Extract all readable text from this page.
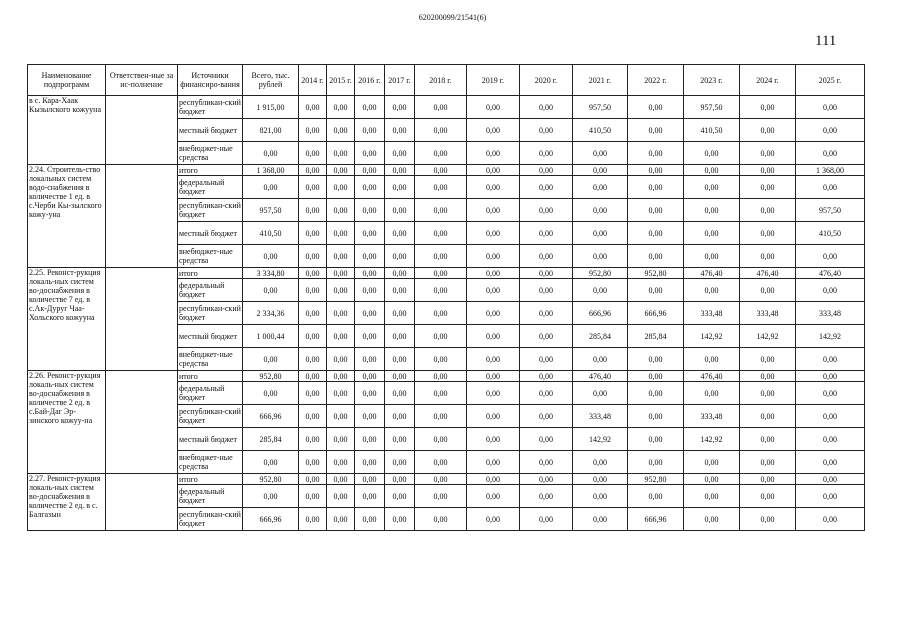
620200099/21541(6)
111
Наименование подпрограмм	Ответствен-ные за ис-полнение	Источники финансиро-вания	Всего, тыс. рублей	2014 г.	2015 г.	2016 г.	2017 г.	2018 г.	2019 г.	2020 г.	2021 г.	2022 г.	2023 г.	2024 г.	2025 г.
в с. Кара-Хаак Кызылского кожууна		республикан-ский бюджет	1 915,00	0,00	0,00	0,00	0,00	0,00	0,00	0,00	957,50	0,00	957,50	0,00	0,00
		местный бюджет	821,00	0,00	0,00	0,00	0,00	0,00	0,00	0,00	410,50	0,00	410,50	0,00	0,00
		внебюджет-ные средства	0,00	0,00	0,00	0,00	0,00	0,00	0,00	0,00	0,00	0,00	0,00	0,00	0,00
2.24. Строитель-ство локальных систем водо-снабжения в количестве 1 ед. в с.Черби Кы-зылского кожу-уна		итого	1 368,00	0,00	0,00	0,00	0,00	0,00	0,00	0,00	0,00	0,00	0,00	0,00	1 368,00
		федеральный бюджет	0,00	0,00	0,00	0,00	0,00	0,00	0,00	0,00	0,00	0,00	0,00	0,00	0,00
		республикан-ский бюджет	957,50	0,00	0,00	0,00	0,00	0,00	0,00	0,00	0,00	0,00	0,00	0,00	957,50
		местный бюджет	410,50	0,00	0,00	0,00	0,00	0,00	0,00	0,00	0,00	0,00	0,00	0,00	410,50
		внебюджет-ные средства	0,00	0,00	0,00	0,00	0,00	0,00	0,00	0,00	0,00	0,00	0,00	0,00	0,00
2.25. Реконст-рукция локаль-ных систем во-доснабжения в количестве 7 ед. в с.Ак-Дуруг Чаа-Хольского кожууна		итого	3 334,80	0,00	0,00	0,00	0,00	0,00	0,00	0,00	952,80	952,80	476,40	476,40	476,40
		федеральный бюджет	0,00	0,00	0,00	0,00	0,00	0,00	0,00	0,00	0,00	0,00	0,00	0,00	0,00
		республикан-ский бюджет	2 334,36	0,00	0,00	0,00	0,00	0,00	0,00	0,00	666,96	666,96	333,48	333,48	333,48
		местный бюджет	1 000,44	0,00	0,00	0,00	0,00	0,00	0,00	0,00	285,84	285,84	142,92	142,92	142,92
		внебюджет-ные средства	0,00	0,00	0,00	0,00	0,00	0,00	0,00	0,00	0,00	0,00	0,00	0,00	0,00
2.26. Реконст-рукция локаль-ных систем во-доснабжения в количестве 2 ед. в с.Бай-Даг Эр-зинского кожуу-на		итого	952,80	0,00	0,00	0,00	0,00	0,00	0,00	0,00	476,40	0,00	476,40	0,00	0,00
		федеральный бюджет	0,00	0,00	0,00	0,00	0,00	0,00	0,00	0,00	0,00	0,00	0,00	0,00	0,00
		республикан-ский бюджет	666,96	0,00	0,00	0,00	0,00	0,00	0,00	0,00	333,48	0,00	333,48	0,00	0,00
		местный бюджет	285,84	0,00	0,00	0,00	0,00	0,00	0,00	0,00	142,92	0,00	142,92	0,00	0,00
		внебюджет-ные средства	0,00	0,00	0,00	0,00	0,00	0,00	0,00	0,00	0,00	0,00	0,00	0,00	0,00
2.27. Реконст-рукция локаль-ных систем во-доснабжения в количестве 2 ед. в с. Балгазын		итого	952,80	0,00	0,00	0,00	0,00	0,00	0,00	0,00	0,00	952,80	0,00	0,00	0,00
		федеральный бюджет	0,00	0,00	0,00	0,00	0,00	0,00	0,00	0,00	0,00	0,00	0,00	0,00	0,00
		республикан-ский бюджет	666,96	0,00	0,00	0,00	0,00	0,00	0,00	0,00	0,00	666,96	0,00	0,00	0,00
